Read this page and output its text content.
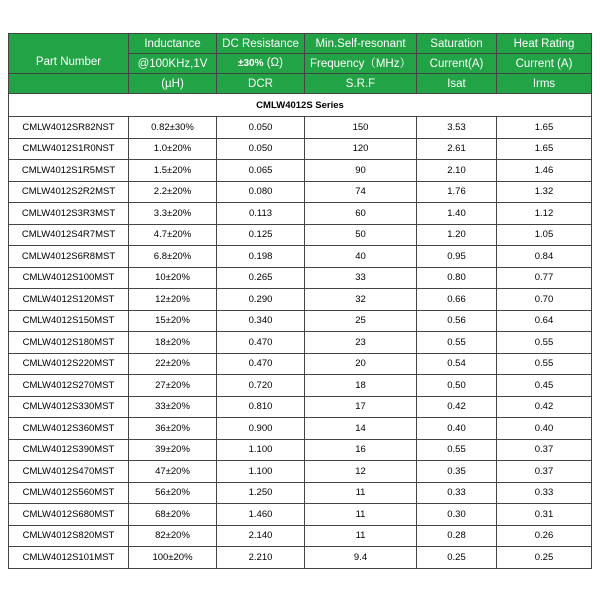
Part Number	Inductance	DC Resistance	Min.Self-resonant	Saturation	Heat Rating
	@100KHz,1V	±30% (Ω)	Frequency（MHz）	Current(A)	Current (A)
	(µH)	DCR	S.R.F	Isat	Irms
CMLW4012S Series					
CMLW4012SR82NST	0.82±30%	0.050	150	3.53	1.65
CMLW4012S1R0NST	1.0±20%	0.050	120	2.61	1.65
CMLW4012S1R5MST	1.5±20%	0.065	90	2.10	1.46
CMLW4012S2R2MST	2.2±20%	0.080	74	1.76	1.32
CMLW4012S3R3MST	3.3±20%	0.113	60	1.40	1.12
CMLW4012S4R7MST	4.7±20%	0.125	50	1.20	1.05
CMLW4012S6R8MST	6.8±20%	0.198	40	0.95	0.84
CMLW4012S100MST	10±20%	0.265	33	0.80	0.77
CMLW4012S120MST	12±20%	0.290	32	0.66	0.70
CMLW4012S150MST	15±20%	0.340	25	0.56	0.64
CMLW4012S180MST	18±20%	0.470	23	0.55	0.55
CMLW4012S220MST	22±20%	0.470	20	0.54	0.55
CMLW4012S270MST	27±20%	0.720	18	0.50	0.45
CMLW4012S330MST	33±20%	0.810	17	0.42	0.42
CMLW4012S360MST	36±20%	0.900	14	0.40	0.40
CMLW4012S390MST	39±20%	1.100	16	0.55	0.37
CMLW4012S470MST	47±20%	1.100	12	0.35	0.37
CMLW4012S560MST	56±20%	1.250	11	0.33	0.33
CMLW4012S680MST	68±20%	1.460	11	0.30	0.31
CMLW4012S820MST	82±20%	2.140	11	0.28	0.26
CMLW4012S101MST	100±20%	2.210	9.4	0.25	0.25
